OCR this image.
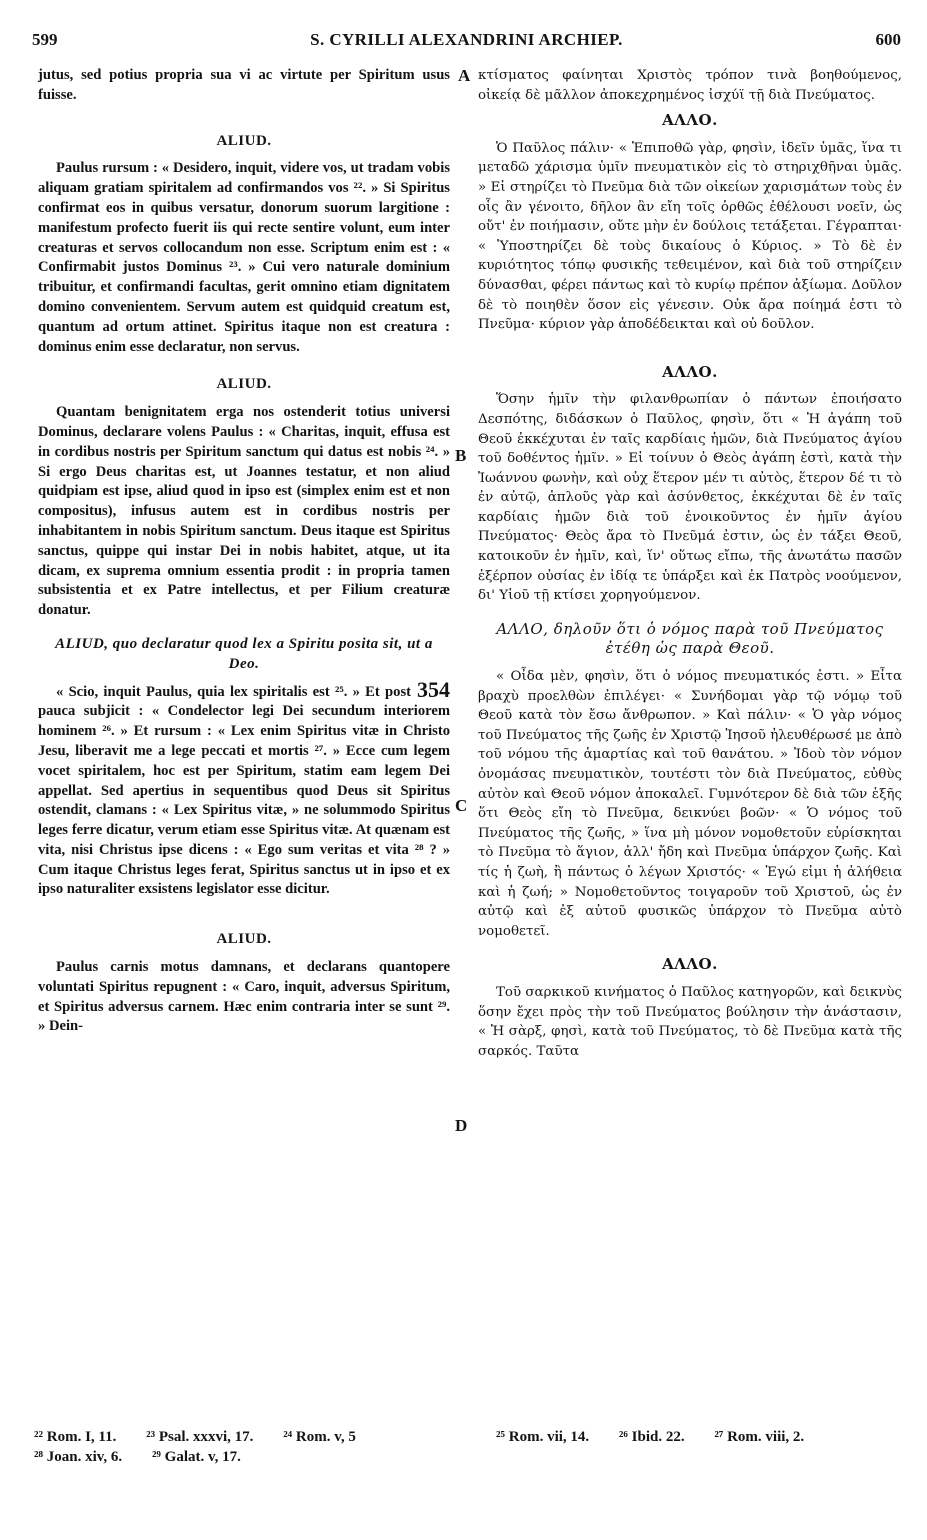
599	S. CYRILLI ALEXANDRINI ARCHIEP.	600
A
B
C
D

jutus, sed potius propria sua vi ac virtute per Spiritum usus fuisse.

ALIUD.

Paulus rursum : « Desidero, inquit, videre vos, ut tradam vobis aliquam gratiam spiritalem ad confirmandos vos ²². » Si Spiritus confirmat eos in quibus versatur, donorum suorum largitione : manifestum profecto fuerit iis qui recte sentire volunt, eum inter creaturas et servos collocandum non esse. Scriptum enim est : « Confirmabit justos Dominus ²³. » Cui vero naturale dominium tribuitur, et confirmandi facultas, gerit omnino etiam dignitatem domino convenientem. Servum autem est quidquid creatum est, quantum ad ortum attinet. Spiritus itaque non est creatura : dominus enim esse declaratur, non servus.

ALIUD.

Quantam benignitatem erga nos ostenderit totius universi Dominus, declarare volens Paulus : « Charitas, inquit, effusa est in cordibus nostris per Spiritum sanctum qui datus est nobis ²⁴. » Si ergo Deus charitas est, ut Joannes testatur, et non aliud quidpiam est ipse, aliud quod in ipso est (simplex enim est et non compositus), infusus autem est in cordibus nostris per inhabitantem in nobis Spiritum sanctum. Deus itaque est Spiritus sanctus, quippe qui instar Dei in nobis habitet, atque, ut ita dicam, ex suprema omnium essentia prodit : in propria tamen subsistentia et ex Patre intellectus, et per Filium creaturæ donatur.

ALIUD, quo declaratur quod lex a Spiritu posita sit, ut a Deo.
354

« Scio, inquit Paulus, quia lex spiritalis est ²⁵. » Et post pauca subjicit : « Condelector legi Dei secundum interiorem hominem ²⁶. » Et rursum : « Lex enim Spiritus vitæ in Christo Jesu, liberavit me a lege peccati et mortis ²⁷. » Ecce cum legem vocet spiritalem, hoc est per Spiritum, statim eam legem Dei appellat. Sed apertius in sequentibus quod Deus sit Spiritus ostendit, clamans : « Lex Spiritus vitæ, » ne solummodo Spiritus leges ferre dicatur, verum etiam esse Spiritus vitæ. At quænam est vita, nisi Christus ipse dicens : « Ego sum veritas et vita ²⁸ ? » Cum itaque Christus leges ferat, Spiritus sanctus ut in ipso et ex ipso naturaliter exsistens legislator esse dicitur.

ALIUD.

Paulus carnis motus damnans, et declarans quantopere voluntati Spiritus repugnent : « Caro, inquit, adversus Spiritum, et Spiritus adversus carnem. Hæc enim contraria inter se sunt ²⁹. » Dein-

κτίσματος φαίνηται Χριστὸς τρόπον τινὰ βοηθούμενος, οἰκείᾳ δὲ μᾶλλον ἀποκεχρημένος ἰσχύϊ τῇ διὰ Πνεύματος.

ΑΛΛΟ.

Ὁ Παῦλος πάλιν· « Ἐπιποθῶ γὰρ, φησὶν, ἰδεῖν ὑμᾶς, ἵνα τι μεταδῶ χάρισμα ὑμῖν πνευματικὸν εἰς τὸ στηριχθῆναι ὑμᾶς. » Εἰ στηρίζει τὸ Πνεῦμα διὰ τῶν οἰκείων χαρισμάτων τοὺς ἐν οἷς ἂν γένοιτο, δῆλον ἂν εἴη τοῖς ὀρθῶς ἐθέλουσι νοεῖν, ὡς οὔτ' ἐν ποιήμασιν, οὔτε μὴν ἐν δούλοις τετάξεται. Γέγραπται· « Ὑποστηρίζει δὲ τοὺς δικαίους ὁ Κύριος. » Τὸ δὲ ἐν κυριότητος τόπῳ φυσικῆς τεθειμένον, καὶ διὰ τοῦ στηρίζειν δύνασθαι, φέρει πάντως καὶ τὸ κυρίῳ πρέπον ἀξίωμα. Δοῦλον δὲ τὸ ποιηθὲν ὅσον εἰς γένεσιν. Οὐκ ἄρα ποίημά ἐστι τὸ Πνεῦμα· κύριον γὰρ ἀποδέδεικται καὶ οὐ δοῦλον.

ΑΛΛΟ.

Ὅσην ἡμῖν τὴν φιλανθρωπίαν ὁ πάντων ἐποιήσατο Δεσπότης, διδάσκων ὁ Παῦλος, φησὶν, ὅτι « Ἡ ἀγάπη τοῦ Θεοῦ ἐκκέχυται ἐν ταῖς καρδίαις ἡμῶν, διὰ Πνεύματος ἁγίου τοῦ δοθέντος ἡμῖν. » Εἰ τοίνυν ὁ Θεὸς ἀγάπη ἐστὶ, κατὰ τὴν Ἰωάννου φωνὴν, καὶ οὐχ ἕτερον μέν τι αὐτὸς, ἕτερον δέ τι τὸ ἐν αὐτῷ, ἁπλοῦς γὰρ καὶ ἀσύνθετος, ἐκκέχυται δὲ ἐν ταῖς καρδίαις ἡμῶν διὰ τοῦ ἐνοικοῦντος ἐν ἡμῖν ἁγίου Πνεύματος· Θεὸς ἄρα τὸ Πνεῦμά ἐστιν, ὡς ἐν τάξει Θεοῦ, κατοικοῦν ἐν ἡμῖν, καὶ, ἵν' οὕτως εἴπω, τῆς ἀνωτάτω πασῶν ἐξέρπον οὐσίας ἐν ἰδίᾳ τε ὑπάρξει καὶ ἐκ Πατρὸς νοούμενον, δι' Υἱοῦ τῇ κτίσει χορηγούμενον.

ΑΛΛΟ, δηλοῦν ὅτι ὁ νόμος παρὰ τοῦ Πνεύματος ἐτέθη ὡς παρὰ Θεοῦ.

« Οἶδα μὲν, φησὶν, ὅτι ὁ νόμος πνευματικός ἐστι. » Εἶτα βραχὺ προελθὼν ἐπιλέγει· « Συνήδομαι γὰρ τῷ νόμῳ τοῦ Θεοῦ κατὰ τὸν ἔσω ἄνθρωπον. » Καὶ πάλιν· « Ὁ γὰρ νόμος τοῦ Πνεύματος τῆς ζωῆς ἐν Χριστῷ Ἰησοῦ ἠλευθέρωσέ με ἀπὸ τοῦ νόμου τῆς ἁμαρτίας καὶ τοῦ θανάτου. » Ἰδοὺ τὸν νόμον ὀνομάσας πνευματικὸν, τουτέστι τὸν διὰ Πνεύματος, εὐθὺς αὐτὸν καὶ Θεοῦ νόμον ἀποκαλεῖ. Γυμνότερον δὲ διὰ τῶν ἑξῆς ὅτι Θεὸς εἴη τὸ Πνεῦμα, δεικνύει βοῶν· « Ὁ νόμος τοῦ Πνεύματος τῆς ζωῆς, » ἵνα μὴ μόνον νομοθετοῦν εὑρίσκηται τὸ Πνεῦμα τὸ ἅγιον, ἀλλ' ἤδη καὶ Πνεῦμα ὑπάρχον ζωῆς. Καὶ τίς ἡ ζωὴ, ἢ πάντως ὁ λέγων Χριστός· « Ἐγώ εἰμι ἡ ἀλήθεια καὶ ἡ ζωή; » Νομοθετοῦντος τοιγαροῦν τοῦ Χριστοῦ, ὡς ἐν αὐτῷ καὶ ἐξ αὐτοῦ φυσικῶς ὑπάρχον τὸ Πνεῦμα αὐτὸ νομοθετεῖ.

ΑΛΛΟ.

Τοῦ σαρκικοῦ κινήματος ὁ Παῦλος κατηγορῶν, καὶ δεικνὺς ὅσην ἔχει πρὸς τὴν τοῦ Πνεύματος βούλησιν τὴν ἀνάστασιν, « Ἡ σὰρξ, φησὶ, κατὰ τοῦ Πνεύματος, τὸ δὲ Πνεῦμα κατὰ τῆς σαρκός. Ταῦτα

²² Rom. I, 11. ²³ Psal. xxxvi, 17. ²⁴ Rom. v, 5
²⁸ Joan. xiv, 6. ²⁹ Galat. v, 17.
²⁵ Rom. vii, 14. ²⁶ Ibid. 22. ²⁷ Rom. viii, 2.
